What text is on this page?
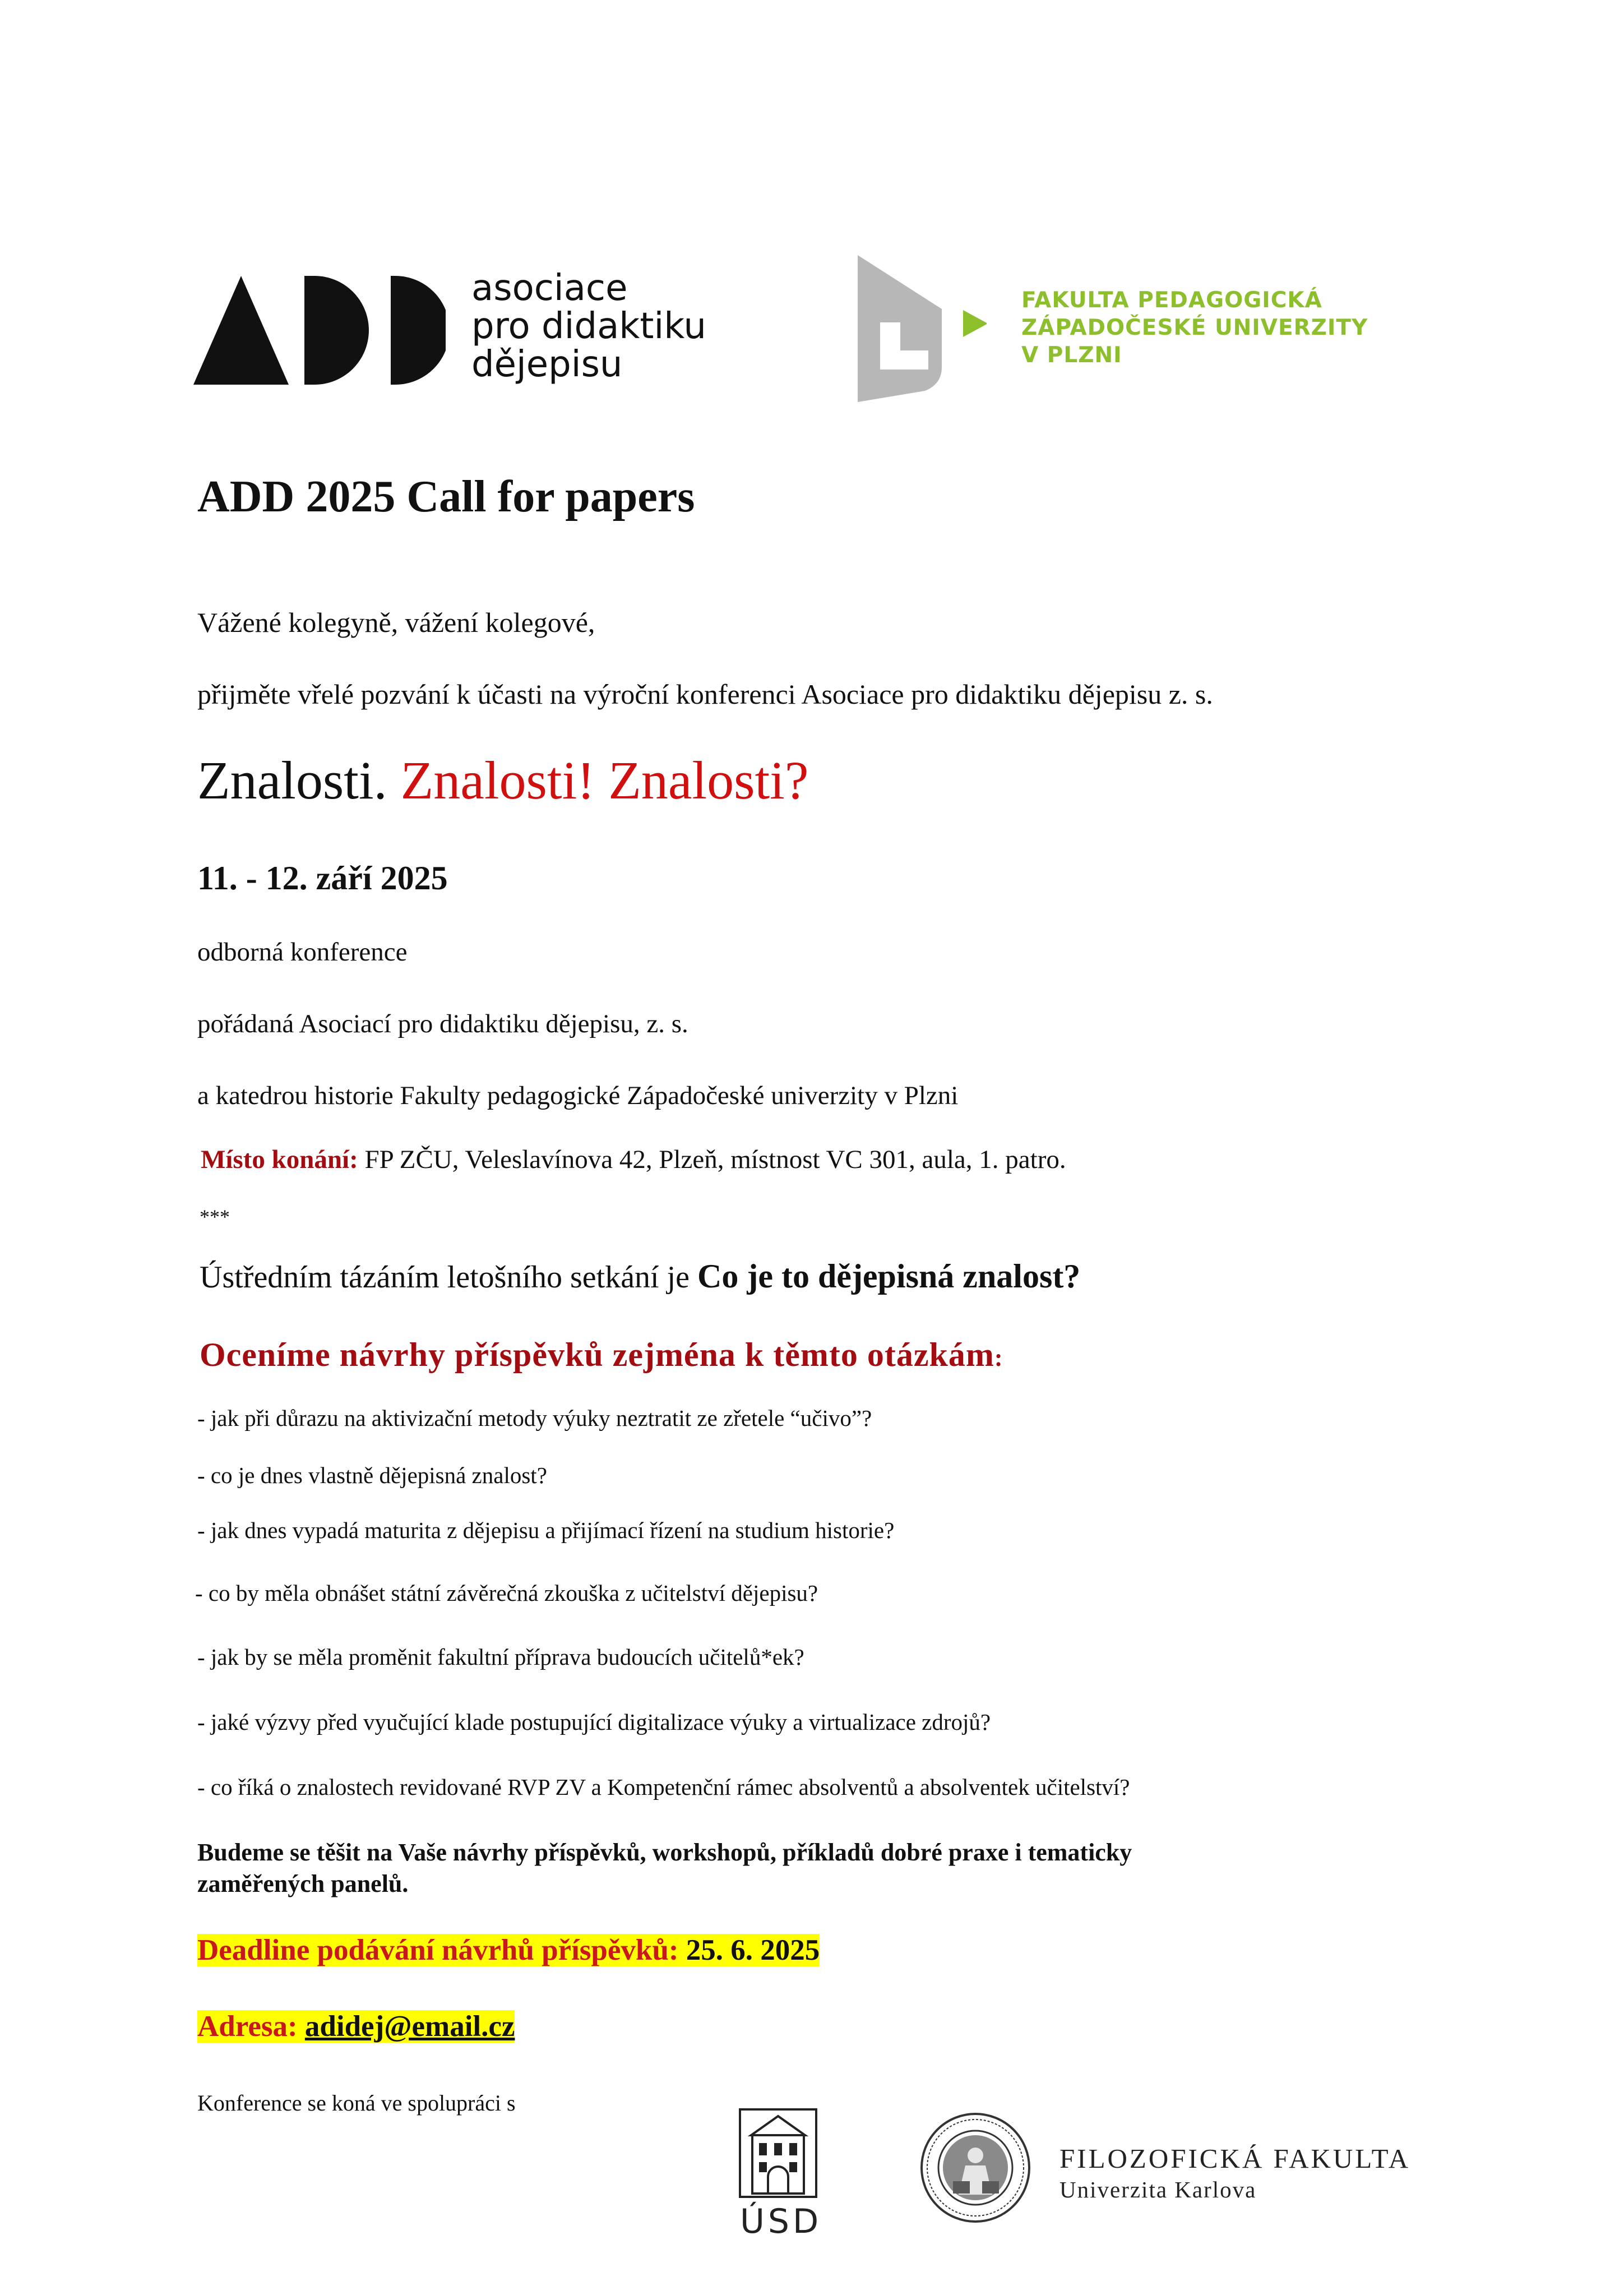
asociace
pro didaktiku
dějepisu
FAKULTA PEDAGOGICKÁ
ZÁPADOČESKÉ UNIVERZITY
V PLZNI
ADD 2025 Call for papers
Vážené kolegyně, vážení kolegové,
přijměte vřelé pozvání k účasti na výroční konferenci Asociace pro didaktiku dějepisu z. s.
Znalosti. Znalosti! Znalosti?
11. - 12. září 2025
odborná konference
pořádaná Asociací pro didaktiku dějepisu, z. s.
a katedrou historie Fakulty pedagogické Západočeské univerzity v Plzni
Místo konání: FP ZČU, Veleslavínova 42, Plzeň, místnost VC 301, aula, 1. patro.
***
Ústředním tázáním letošního setkání je Co je to dějepisná znalost?
Oceníme návrhy příspěvků zejména k těmto otázkám:
- jak při důrazu na aktivizační metody výuky neztratit ze zřetele “učivo”?
- co je dnes vlastně dějepisná znalost?
- jak dnes vypadá maturita z dějepisu a přijímací řízení na studium historie?
- co by měla obnášet státní závěrečná zkouška z učitelství dějepisu?
- jak by se měla proměnit fakultní příprava budoucích učitelů*ek?
- jaké výzvy před vyučující klade postupující digitalizace výuky a virtualizace zdrojů?
- co říká o znalostech revidované RVP ZV a Kompetenční rámec absolventů a absolventek učitelství?
Budeme se těšit na Vaše návrhy příspěvků, workshopů, příkladů dobré praxe i tematicky
zaměřených panelů.
Deadline podávání návrhů příspěvků: 25. 6. 2025
Adresa: adidej@email.cz
Konference se koná ve spolupráci s
ÚSD
FILOZOFICKÁ FAKULTA
Univerzita Karlova
